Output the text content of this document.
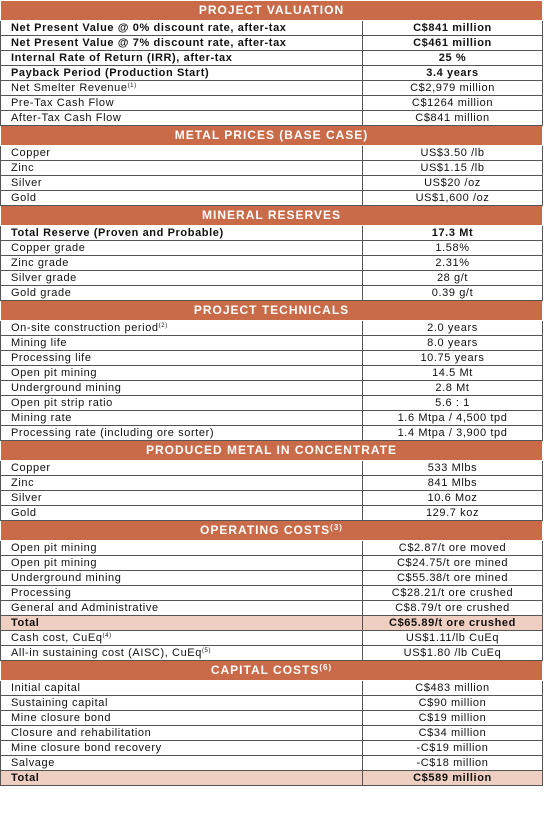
PROJECT VALUATION	
Net Present Value @ 0% discount rate, after-tax	C$841 million
Net Present Value @ 7% discount rate, after-tax	C$461 million
Internal Rate of Return (IRR), after-tax	25 %
Payback Period (Production Start)	3.4 years
Net Smelter Revenue$^{(1)}$	C$2,979 million
Pre-Tax Cash Flow	C$1264 million
After-Tax Cash Flow	C$841 million
METAL PRICES (BASE CASE)	
Copper	US$3.50 /lb
Zinc	US$1.15 /lb
Silver	US$20 /oz
Gold	US$1,600 /oz
MINERAL RESERVES	
Total Reserve (Proven and Probable)	17.3 Mt
Copper grade	1.58%
Zinc grade	2.31%
Silver grade	28 g/t
Gold grade	0.39 g/t
PROJECT TECHNICALS	
On-site construction period$^{(2)}$	2.0 years
Mining life	8.0 years
Processing life	10.75 years
Open pit mining	14.5 Mt
Underground mining	2.8 Mt
Open pit strip ratio	5.6 : 1
Mining rate	1.6 Mtpa / 4,500 tpd
Processing rate (including ore sorter)	1.4 Mtpa / 3,900 tpd
PRODUCED METAL IN CONCENTRATE	
Copper	533 Mlbs
Zinc	841 Mlbs
Silver	10.6 Moz
Gold	129.7 koz
OPERATING COSTS$^{(3)}$
Open pit mining	C$2.87/t ore moved
Open pit mining	C$24.75/t ore mined
Underground mining	C$55.38/t ore mined
Processing	C$28.21/t ore crushed
General and Administrative	C$8.79/t ore crushed
Total	C$65.89/t ore crushed
Cash cost, CuEq$^{(4)}$	US$1.11/lb CuEq
All-in sustaining cost (AISC), CuEq$^{(5)}$	US$1.80 /lb CuEq
CAPITAL COSTS$^{(6)}$
Initial capital	C$483 million
Sustaining capital	C$90 million
Mine closure bond	C$19 million
Closure and rehabilitation	C$34 million
Mine closure bond recovery	-C$19 million
Salvage	-C$18 million
Total	C$589 million
